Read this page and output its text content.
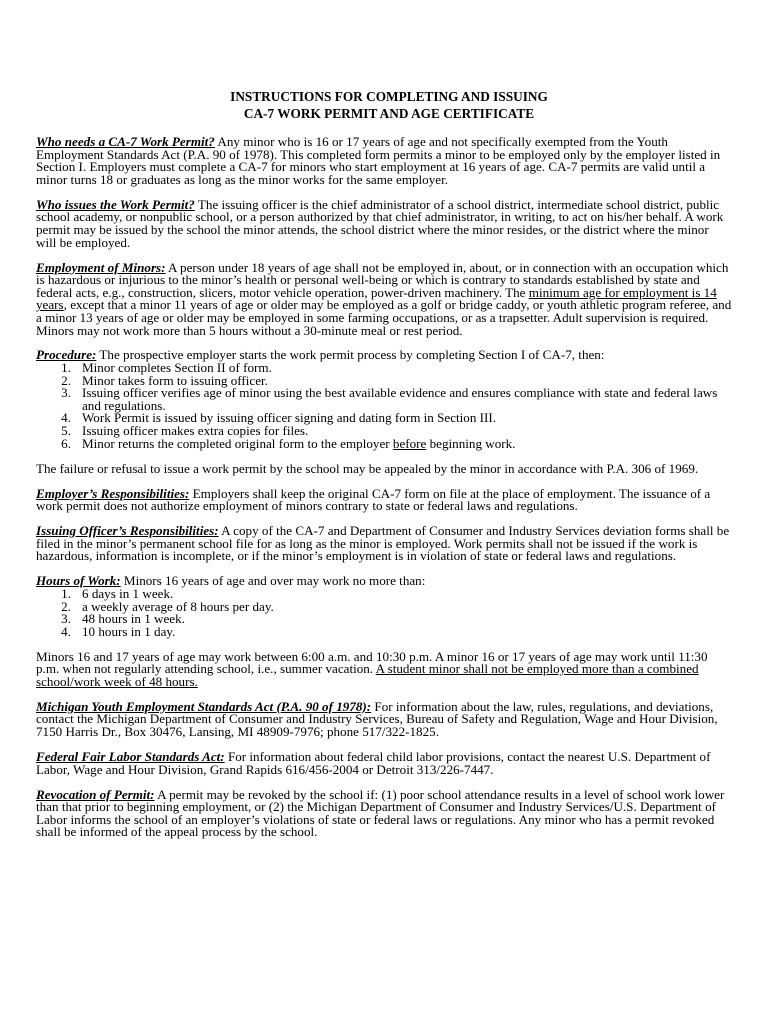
INSTRUCTIONS FOR COMPLETING AND ISSUING
CA-7 WORK PERMIT AND AGE CERTIFICATE

Who needs a CA-7 Work Permit? Any minor who is 16 or 17 years of age and not specifically exempted from the Youth Employment Standards Act (P.A. 90 of 1978). This completed form permits a minor to be employed only by the employer listed in Section I. Employers must complete a CA-7 for minors who start employment at 16 years of age. CA-7 permits are valid until a minor turns 18 or graduates as long as the minor works for the same employer.

Who issues the Work Permit? The issuing officer is the chief administrator of a school district, intermediate school district, public school academy, or nonpublic school, or a person authorized by that chief administrator, in writing, to act on his/her behalf. A work permit may be issued by the school the minor attends, the school district where the minor resides, or the district where the minor will be employed.

Employment of Minors: A person under 18 years of age shall not be employed in, about, or in connection with an occupation which is hazardous or injurious to the minor’s health or personal well-being or which is contrary to standards established by state and federal acts, e.g., construction, slicers, motor vehicle operation, power-driven machinery. The minimum age for employment is 14 years, except that a minor 11 years of age or older may be employed as a golf or bridge caddy, or youth athletic program referee, and a minor 13 years of age or older may be employed in some farming occupations, or as a trapsetter. Adult supervision is required. Minors may not work more than 5 hours without a 30-minute meal or rest period.

Procedure: The prospective employer starts the work permit process by completing Section I of CA-7, then:
1. Minor completes Section II of form.
2. Minor takes form to issuing officer.
3. Issuing officer verifies age of minor using the best available evidence and ensures compliance with state and federal laws and regulations.
4. Work Permit is issued by issuing officer signing and dating form in Section III.
5. Issuing officer makes extra copies for files.
6. Minor returns the completed original form to the employer before beginning work.

The failure or refusal to issue a work permit by the school may be appealed by the minor in accordance with P.A. 306 of 1969.

Employer’s Responsibilities: Employers shall keep the original CA-7 form on file at the place of employment. The issuance of a work permit does not authorize employment of minors contrary to state or federal laws and regulations.

Issuing Officer’s Responsibilities: A copy of the CA-7 and Department of Consumer and Industry Services deviation forms shall be filed in the minor’s permanent school file for as long as the minor is employed. Work permits shall not be issued if the work is hazardous, information is incomplete, or if the minor’s employment is in violation of state or federal laws and regulations.

Hours of Work: Minors 16 years of age and over may work no more than:
1. 6 days in 1 week.
2. a weekly average of 8 hours per day.
3. 48 hours in 1 week.
4. 10 hours in 1 day.

Minors 16 and 17 years of age may work between 6:00 a.m. and 10:30 p.m. A minor 16 or 17 years of age may work until 11:30 p.m. when not regularly attending school, i.e., summer vacation. A student minor shall not be employed more than a combined school/work week of 48 hours.

Michigan Youth Employment Standards Act (P.A. 90 of 1978): For information about the law, rules, regulations, and deviations, contact the Michigan Department of Consumer and Industry Services, Bureau of Safety and Regulation, Wage and Hour Division, 7150 Harris Dr., Box 30476, Lansing, MI 48909-7976; phone 517/322-1825.

Federal Fair Labor Standards Act: For information about federal child labor provisions, contact the nearest U.S. Department of Labor, Wage and Hour Division, Grand Rapids 616/456-2004 or Detroit 313/226-7447.

Revocation of Permit: A permit may be revoked by the school if: (1) poor school attendance results in a level of school work lower than that prior to beginning employment, or (2) the Michigan Department of Consumer and Industry Services/U.S. Department of Labor informs the school of an employer’s violations of state or federal laws or regulations. Any minor who has a permit revoked shall be informed of the appeal process by the school.
